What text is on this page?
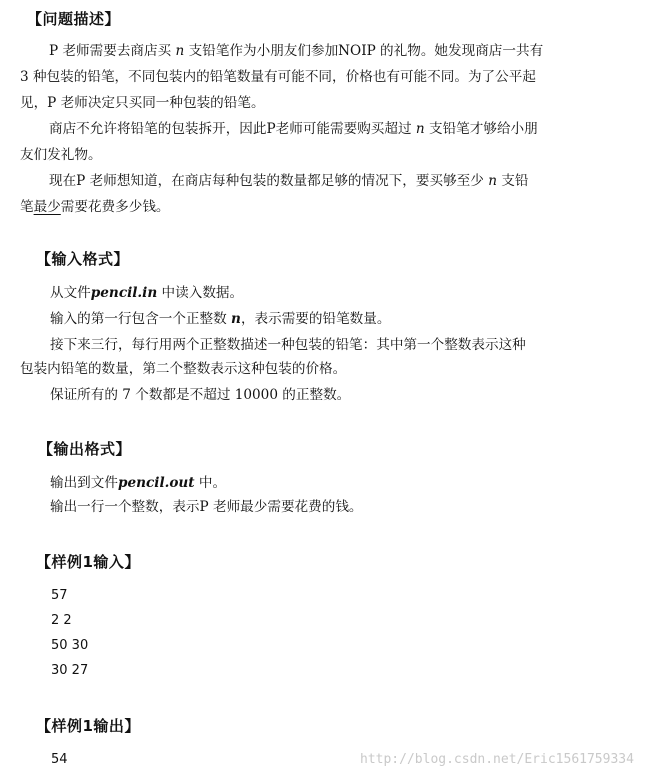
【问题描述】
P 老师需要去商店买 n 支铅笔作为小朋友们参加NOIP 的礼物。她发现商店一共有
3 种包装的铅笔，不同包装内的铅笔数量有可能不同，价格也有可能不同。为了公平起
见，P 老师决定只买同一种包装的铅笔。
商店不允许将铅笔的包装拆开，因此P老师可能需要购买超过 n 支铅笔才够给小朋
友们发礼物。
现在P 老师想知道，在商店每种包装的数量都足够的情况下，要买够至少 n 支铅
笔最少需要花费多少钱。
【输入格式】
从文件pencil.in 中读入数据。
输入的第一行包含一个正整数 n，表示需要的铅笔数量。
接下来三行，每行用两个正整数描述一种包装的铅笔：其中第一个整数表示这种
包装内铅笔的数量，第二个整数表示这种包装的价格。
保证所有的 7 个数都是不超过 10000 的正整数。
【输出格式】
输出到文件pencil.out 中。
输出一行一个整数，表示P 老师最少需要花费的钱。
【样例1输入】
57
2 2
50 30
30 27
【样例1输出】
54	http://blog.csdn.net/Eric1561759334
